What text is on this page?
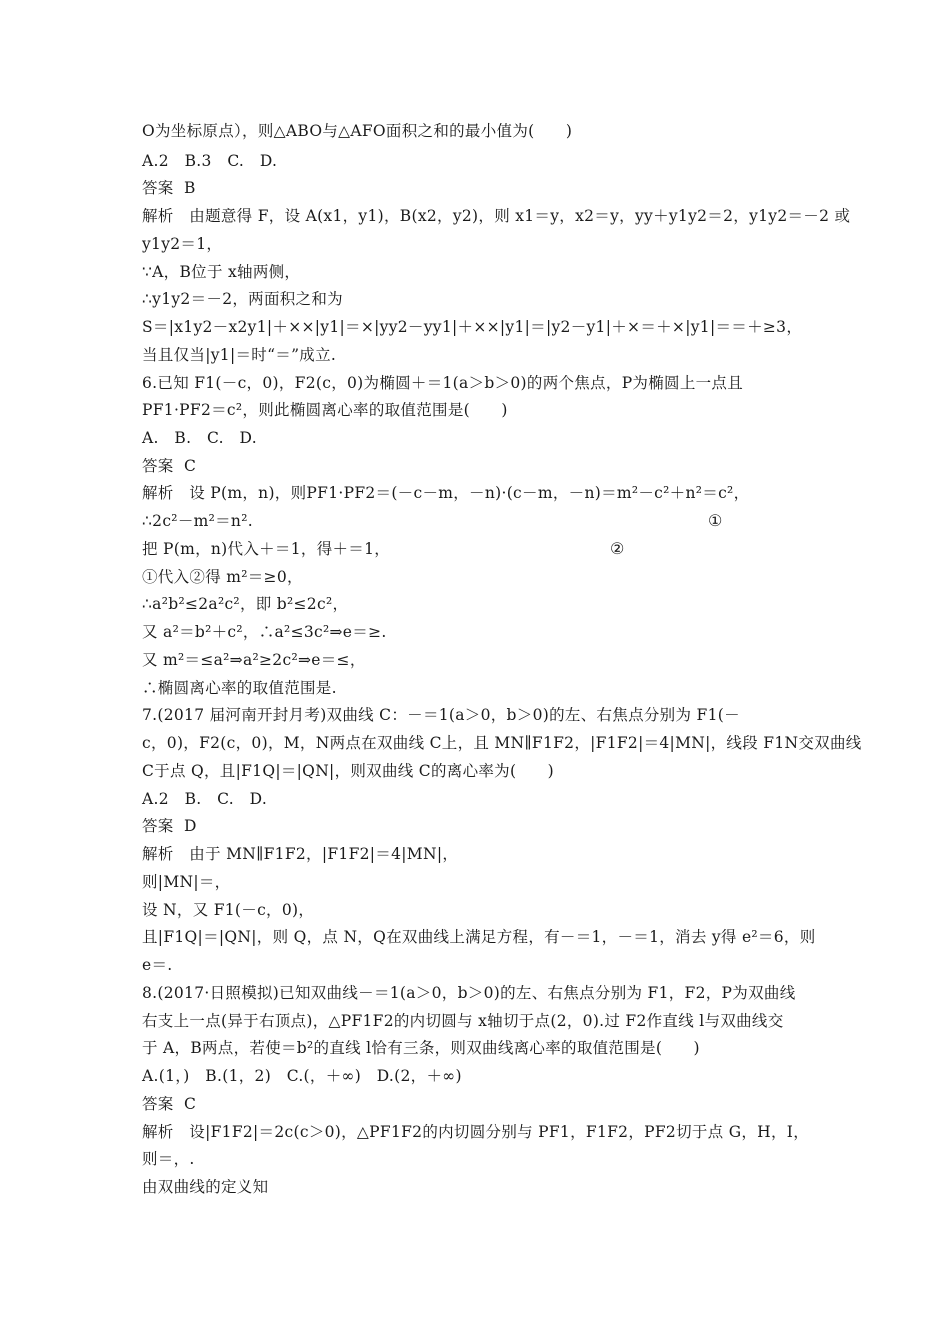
O为坐标原点），则△ABO与△AFO面积之和的最小值为(      )
A.2   B.3   C.   D.
答案  B
解析   由题意得 F，设 A(x1，y1)，B(x2，y2)，则 x1＝y，x2＝y，yy＋y1y2＝2，y1y2＝－2 或
y1y2＝1，
∵A，B位于 x轴两侧，
∴y1y2＝－2，两面积之和为
S＝|x1y2－x2y1|＋××|y1|＝×|yy2－yy1|＋××|y1|＝|y2－y1|＋×＝＋×|y1|＝＝＋≥3，
当且仅当|y1|＝时“＝”成立.
6.已知 F1(－c，0)，F2(c，0)为椭圆＋＝1(a＞b＞0)的两个焦点，P为椭圆上一点且
PF1·PF2＝c²，则此椭圆离心率的取值范围是(      )
A.   B.   C.   D.
答案  C
解析   设 P(m，n)，则PF1·PF2＝(－c－m，－n)·(c－m，－n)＝m²－c²＋n²＝c²，
∴2c²－m²＝n².
把 P(m，n)代入＋＝1，得＋＝1，
①代入②得 m²＝≥0，
∴a²b²≤2a²c²，即 b²≤2c²，
又 a²＝b²＋c²，∴a²≤3c²⇒e＝≥.
又 m²＝≤a²⇒a²≥2c²⇒e＝≤，
∴椭圆离心率的取值范围是.
7.(2017 届河南开封月考)双曲线 C：－＝1(a＞0，b＞0)的左、右焦点分别为 F1(－
c，0)，F2(c，0)，M，N两点在双曲线 C上，且 MN∥F1F2，|F1F2|＝4|MN|，线段 F1N交双曲线
C于点 Q，且|F1Q|＝|QN|，则双曲线 C的离心率为(      )
A.2   B.   C.   D.
答案  D
解析   由于 MN∥F1F2，|F1F2|＝4|MN|，
则|MN|＝，
设 N，又 F1(－c，0)，
且|F1Q|＝|QN|，则 Q，点 N，Q在双曲线上满足方程，有－＝1，－＝1，消去 y得 e²＝6，则
e＝.
8.(2017·日照模拟)已知双曲线－＝1(a＞0，b＞0)的左、右焦点分别为 F1，F2，P为双曲线
右支上一点(异于右顶点)，△PF1F2的内切圆与 x轴切于点(2，0).过 F2作直线 l与双曲线交
于 A，B两点，若使＝b²的直线 l恰有三条，则双曲线离心率的取值范围是(      )
A.(1，)   B.(1，2)   C.(，＋∞)   D.(2，＋∞)
答案  C
解析   设|F1F2|＝2c(c＞0)，△PF1F2的内切圆分别与 PF1，F1F2，PF2切于点 G，H，I，
则＝，.
由双曲线的定义知
①
②
